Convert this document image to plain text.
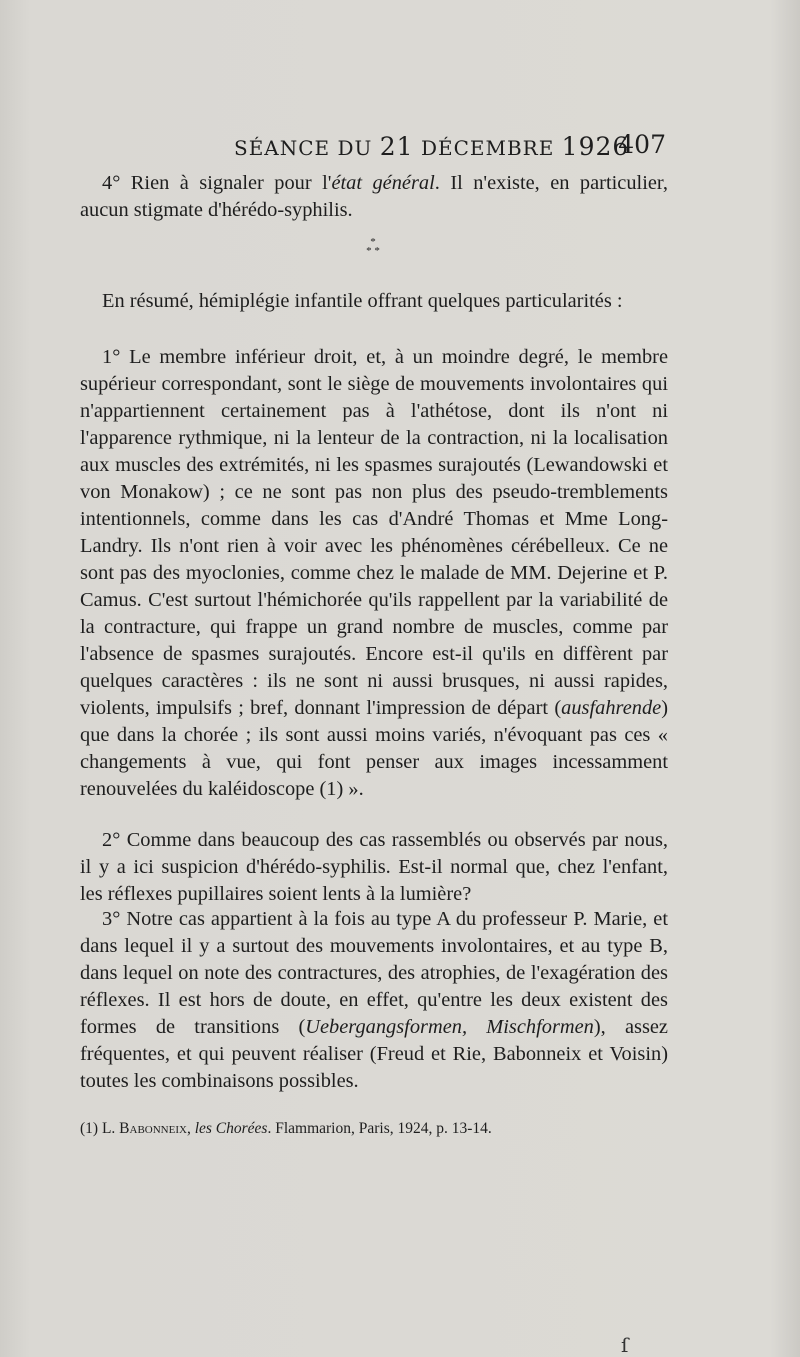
SÉANCE DU 21 DÉCEMBRE 1926
407
4° Rien à signaler pour l'état général. Il n'existe, en particulier, aucun stigmate d'hérédo-syphilis.
*
* *
En résumé, hémiplégie infantile offrant quelques particularités :
1° Le membre inférieur droit, et, à un moindre degré, le membre supérieur correspondant, sont le siège de mouvements involontaires qui n'appartiennent certainement pas à l'athétose, dont ils n'ont ni l'apparence rythmique, ni la lenteur de la contraction, ni la localisation aux muscles des extrémités, ni les spasmes surajoutés (Lewandowski et von Monakow) ; ce ne sont pas non plus des pseudo-tremblements intentionnels, comme dans les cas d'André Thomas et Mme Long-Landry. Ils n'ont rien à voir avec les phénomènes cérébelleux. Ce ne sont pas des myoclonies, comme chez le malade de MM. Dejerine et P. Camus. C'est surtout l'hémichorée qu'ils rappellent par la variabilité de la contracture, qui frappe un grand nombre de muscles, comme par l'absence de spasmes surajoutés. Encore est-il qu'ils en diffèrent par quelques caractères : ils ne sont ni aussi brusques, ni aussi rapides, violents, impulsifs ; bref, donnant l'impression de départ (ausfahrende) que dans la chorée ; ils sont aussi moins variés, n'évoquant pas ces « changements à vue, qui font penser aux images incessamment renouvelées du kaléidoscope (1) ».
2° Comme dans beaucoup des cas rassemblés ou observés par nous, il y a ici suspicion d'hérédo-syphilis. Est-il normal que, chez l'enfant, les réflexes pupillaires soient lents à la lumière?
3° Notre cas appartient à la fois au type A du professeur P. Marie, et dans lequel il y a surtout des mouvements involontaires, et au type B, dans lequel on note des contractures, des atrophies, de l'exagération des réflexes. Il est hors de doute, en effet, qu'entre les deux existent des formes de transitions (Uebergangsformen, Mischformen), assez fréquentes, et qui peuvent réaliser (Freud et Rie, Babonneix et Voisin) toutes les combinaisons possibles.
(1) L. Babonneix, les Chorées. Flammarion, Paris, 1924, p. 13-14.
ſ
